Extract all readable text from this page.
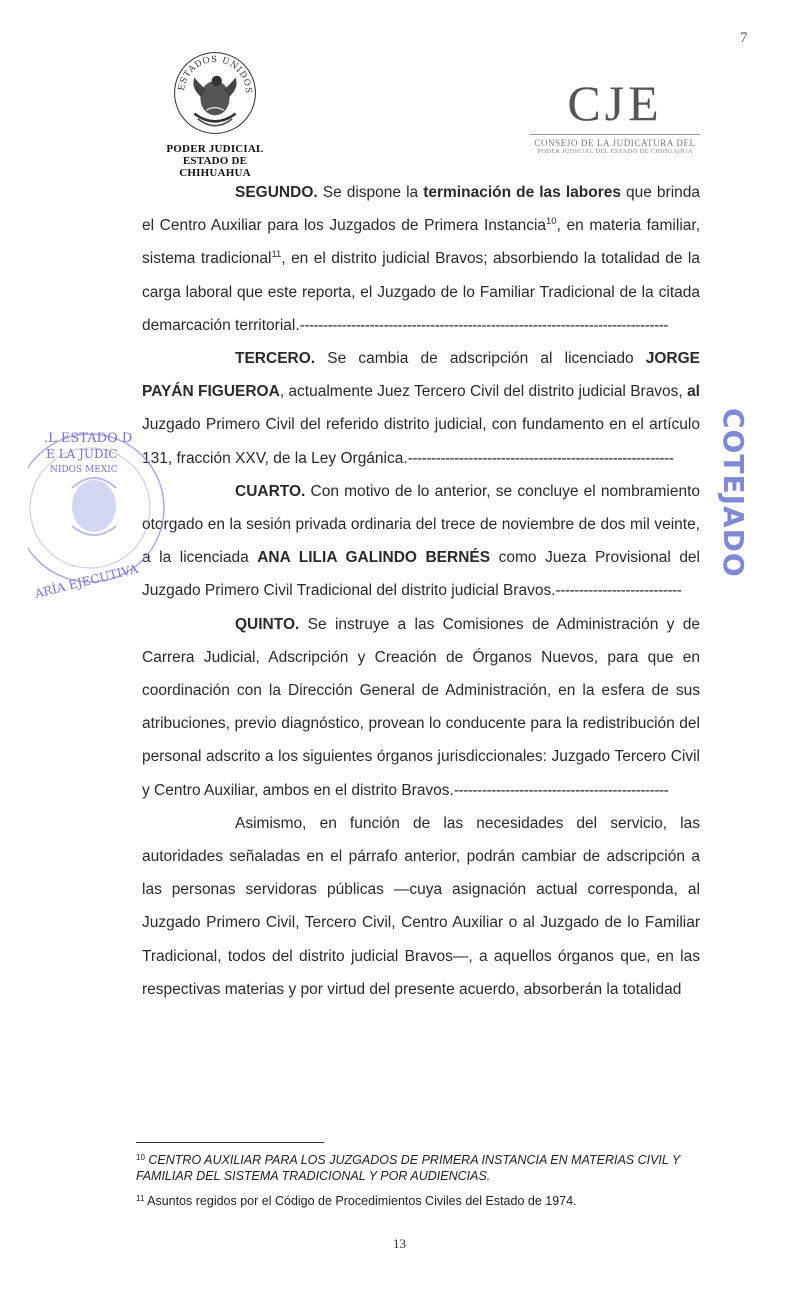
7
ESTADOS UNIDOS
PODER JUDICIAL
ESTADO DE CHIHUAHUA
CJE
CONSEJO DE LA JUDICATURA DEL
PODER JUDICIAL DEL ESTADO DE CHIHUAHUA

SEGUNDO. Se dispone la terminación de las labores que brinda el Centro Auxiliar para los Juzgados de Primera Instancia$^{10}$, en materia familiar, sistema tradicional$^{11}$, en el distrito judicial Bravos; absorbiendo la totalidad de la carga laboral que este reporta, el Juzgado de lo Familiar Tradicional de la citada demarcación territorial.-------------------------------------------------------------------------------

TERCERO. Se cambia de adscripción al licenciado JORGE PAYÁN FIGUEROA, actualmente Juez Tercero Civil del distrito judicial Bravos, al Juzgado Primero Civil del referido distrito judicial, con fundamento en el artículo 131, fracción XXV, de la Ley Orgánica.---------------------------------------------------------

CUARTO. Con motivo de lo anterior, se concluye el nombramiento otorgado en la sesión privada ordinaria del trece de noviembre de dos mil veinte, a la licenciada ANA LILIA GALINDO BERNÉS como Jueza Provisional del Juzgado Primero Civil Tradicional del distrito judicial Bravos.---------------------------

QUINTO. Se instruye a las Comisiones de Administración y de Carrera Judicial, Adscripción y Creación de Órganos Nuevos, para que en coordinación con la Dirección General de Administración, en la esfera de sus atribuciones, previo diagnóstico, provean lo conducente para la redistribución del personal adscrito a los siguientes órganos jurisdiccionales: Juzgado Tercero Civil y Centro Auxiliar, ambos en el distrito Bravos.----------------------------------------------

Asimismo, en función de las necesidades del servicio, las autoridades señaladas en el párrafo anterior, podrán cambiar de adscripción a las personas servidoras públicas —cuya asignación actual corresponda, al Juzgado Primero Civil, Tercero Civil, Centro Auxiliar o al Juzgado de lo Familiar Tradicional, todos del distrito judicial Bravos—, a aquellos órganos que, en las respectivas materias y por virtud del presente acuerdo, absorberán la totalidad

.L ESTADO D
E LA JUDIC
NIDOS MEXIC
ARÍA EJECUTIVA
COTEJADO

$^{10}$ CENTRO AUXILIAR PARA LOS JUZGADOS DE PRIMERA INSTANCIA EN MATERIAS CIVIL Y FAMILIAR DEL SISTEMA TRADICIONAL Y POR AUDIENCIAS.

$^{11}$ Asuntos regidos por el Código de Procedimientos Civiles del Estado de 1974.

13
